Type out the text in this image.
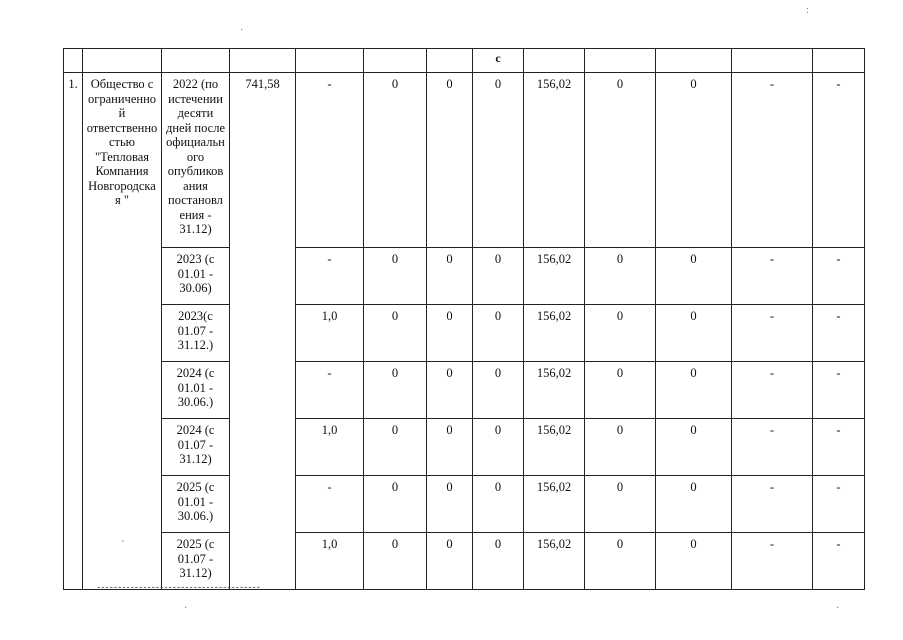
							с					
1.	Общество с ограниченно й ответственно стью "Тепловая Компания Новгородска я "	2022 (по истечении десяти дней после официальн ого опубликов ания постановл ения - 31.12)	741,58	-	0	0	0	156,02	0	0	-	-
		2023 (с 01.01 - 30.06)		-	0	0	0	156,02	0	0	-	-
		2023(с 01.07 - 31.12.)		1,0	0	0	0	156,02	0	0	-	-
		2024 (с 01.01 - 30.06.)		-	0	0	0	156,02	0	0	-	-
		2024 (с 01.07 - 31.12)		1,0	0	0	0	156,02	0	0	-	-
		2025 (с 01.01 - 30.06.)		-	0	0	0	156,02	0	0	-	-
		2025 (с 01.07 - 31.12)		1,0	0	0	0	156,02	0	0	-	-
---------------------------------------
:
·
'
·
·
